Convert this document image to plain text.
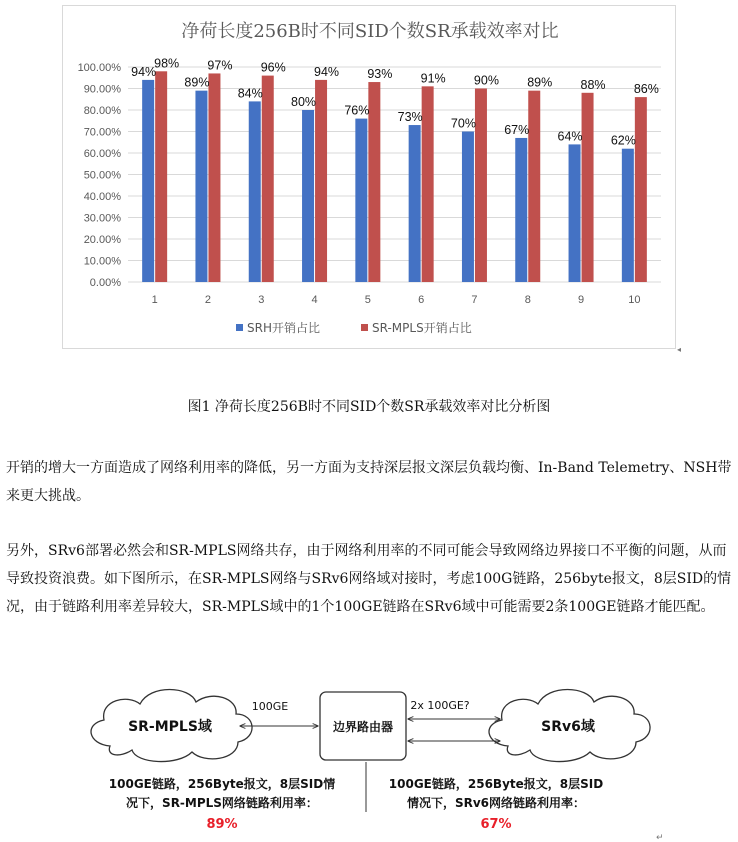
净荷长度256B时不同SID个数SR承载效率对比
94%
98%
89%
97%
84%
96%
80%
94%
76%
93%
73%
91%
70%
90%
67%
89%
64%
88%
62%
86%
0.00%
10.00%
20.00%
30.00%
40.00%
50.00%
60.00%
70.00%
80.00%
90.00%
100.00%
1	2	3	4	5	6	7	8	9	10
SRH开销占比	SR-MPLS开销占比
◂
图1 净荷长度256B时不同SID个数SR承载效率对比分析图

开销的增大一方面造成了网络利用率的降低，另一方面为支持深层报文深层负载均衡、In-Band Telemetry、NSH带来更大挑战。

另外，SRv6部署必然会和SR-MPLS网络共存，由于网络利用率的不同可能会导致网络边界接口不平衡的问题，从而导致投资浪费。如下图所示，在SR-MPLS网络与SRv6网络域对接时，考虑100G链路，256byte报文，8层SID的情况，由于链路利用率差异较大，SR-MPLS域中的1个100GE链路在SRv6域中可能需要2条100GE链路才能匹配。

SR-MPLS域	SRv6域
边界路由器
100GE	2x 100GE?
100GE链路，256Byte报文，8层SID情
况下，SR-MPLS网络链路利用率：
89%
100GE链路，256Byte报文，8层SID
情况下，SRv6网络链路利用率：
67%
↵
